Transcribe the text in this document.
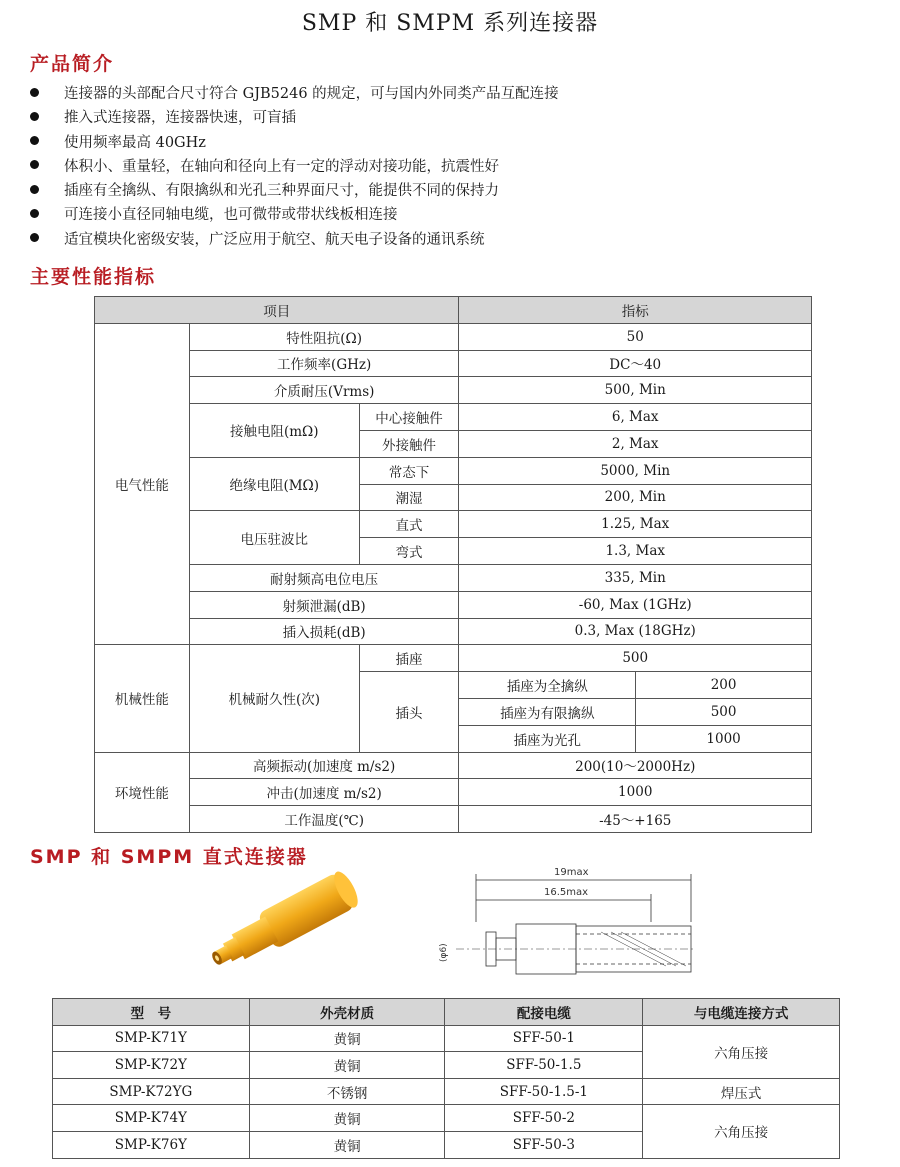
SMP 和 SMPM 系列连接器
产品简介
连接器的头部配合尺寸符合 GJB5246 的规定，可与国内外同类产品互配连接
推入式连接器，连接器快速，可盲插
使用频率最高 40GHz
体积小、重量轻，在轴向和径向上有一定的浮动对接功能，抗震性好
插座有全擒纵、有限擒纵和光孔三种界面尺寸，能提供不同的保持力
可连接小直径同轴电缆，也可微带或带状线板相连接
适宜模块化密级安装，广泛应用于航空、航天电子设备的通讯系统
主要性能指标
项目			指标	
电气性能	特性阻抗(Ω)		50	
	工作频率(GHz)		DC～40	
	介质耐压(Vrms)		500, Min	
	接触电阻(mΩ)	中心接触件	6, Max	
		外接触件	2, Max	
	绝缘电阻(MΩ)	常态下	5000, Min	
		潮湿	200, Min	
	电压驻波比	直式	1.25, Max	
		弯式	1.3, Max	
	耐射频高电位电压		335, Min	
	射频泄漏(dB)		-60, Max (1GHz)	
	插入损耗(dB)		0.3, Max (18GHz)	
机械性能	机械耐久性(次)	插座	500	
		插头	插座为全擒纵	200
			插座为有限擒纵	500
			插座为光孔	1000
环境性能	高频振动(加速度 m/s2)		200(10～2000Hz)	
	冲击(加速度 m/s2)		1000	
	工作温度(℃)		-45～+165	
SMP 和 SMPM 直式连接器
19max
16.5max
(φ6)
型　号	外壳材质	配接电缆	与电缆连接方式
SMP-K71Y	黄铜	SFF-50-1	六角压接
SMP-K72Y	黄铜	SFF-50-1.5	
SMP-K72YG	不锈钢	SFF-50-1.5-1	焊压式
SMP-K74Y	黄铜	SFF-50-2	六角压接
SMP-K76Y	黄铜	SFF-50-3	
